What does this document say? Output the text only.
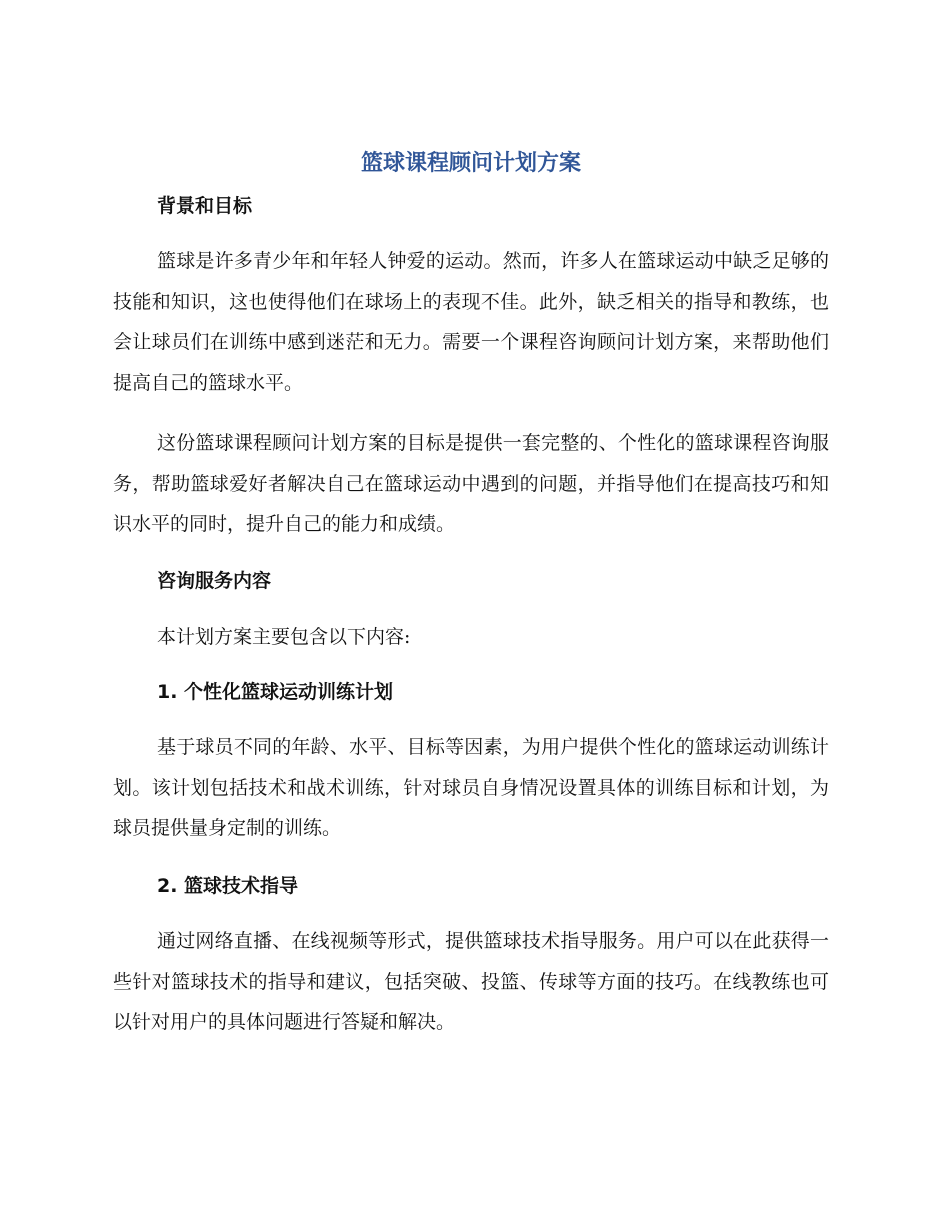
篮球课程顾问计划方案
背景和目标

篮球是许多青少年和年轻人钟爱的运动。然而，许多人在篮球运动中缺乏足够的技能和知识，这也使得他们在球场上的表现不佳。此外，缺乏相关的指导和教练，也会让球员们在训练中感到迷茫和无力。需要一个课程咨询顾问计划方案，来帮助他们提高自己的篮球水平。

这份篮球课程顾问计划方案的目标是提供一套完整的、个性化的篮球课程咨询服务，帮助篮球爱好者解决自己在篮球运动中遇到的问题，并指导他们在提高技巧和知识水平的同时，提升自己的能力和成绩。

咨询服务内容

本计划方案主要包含以下内容:

1. 个性化篮球运动训练计划

基于球员不同的年龄、水平、目标等因素，为用户提供个性化的篮球运动训练计划。该计划包括技术和战术训练，针对球员自身情况设置具体的训练目标和计划，为球员提供量身定制的训练。

2. 篮球技术指导

通过网络直播、在线视频等形式，提供篮球技术指导服务。用户可以在此获得一些针对篮球技术的指导和建议，包括突破、投篮、传球等方面的技巧。在线教练也可以针对用户的具体问题进行答疑和解决。
